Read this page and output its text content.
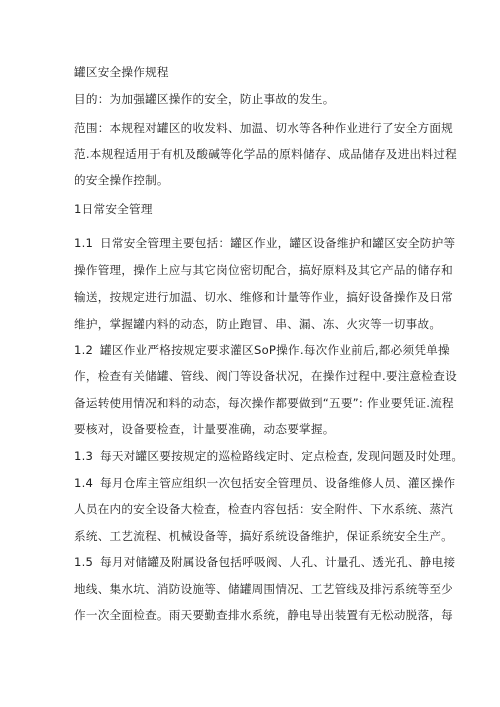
罐区安全操作规程
目的：为加强罐区操作的安全，防止事故的发生。
范围：本规程对罐区的收发料、加温、切水等各种作业进行了安全方面规
范.本规程适用于有机及酸碱等化学品的原料储存、成品储存及进出料过程
的安全操作控制。
1日常安全管理
1.1 日常安全管理主要包括：罐区作业，罐区设备维护和罐区安全防护等
操作管理，操作上应与其它岗位密切配合，搞好原料及其它产品的储存和
输送，按规定进行加温、切水、维修和计量等作业，搞好设备操作及日常
维护，掌握罐内料的动态，防止跑冒、串、漏、冻、火灾等一切事故。
1.2 罐区作业严格按规定要求灌区SoP操作.每次作业前后,都必须凭单操
作，检查有关储罐、管线、阀门等设备状况，在操作过程中.要注意检查设
备运转使用情况和料的动态，每次操作都要做到“五要”: 作业要凭证.流程
要核对，设备要检查，计量要准确，动态要掌握。
1.3 每天对罐区要按规定的巡检路线定时、定点检查, 发现问题及时处理。
1.4 每月仓库主管应组织一次包括安全管理员、设备维修人员、灌区操作
人员在内的安全设备大检查，检查内容包括：安全附件、下水系统、蒸汽
系统、工艺流程、机械设备等，搞好系统设备维护，保证系统安全生产。
1.5 每月对储罐及附属设备包括呼吸阀、人孔、计量孔、透光孔、静电接
地线、集水坑、消防设施等、储罐周围情况、工艺管线及排污系统等至少
作一次全面检查。雨天要勤查排水系统，静电导出装置有无松动脱落，每
